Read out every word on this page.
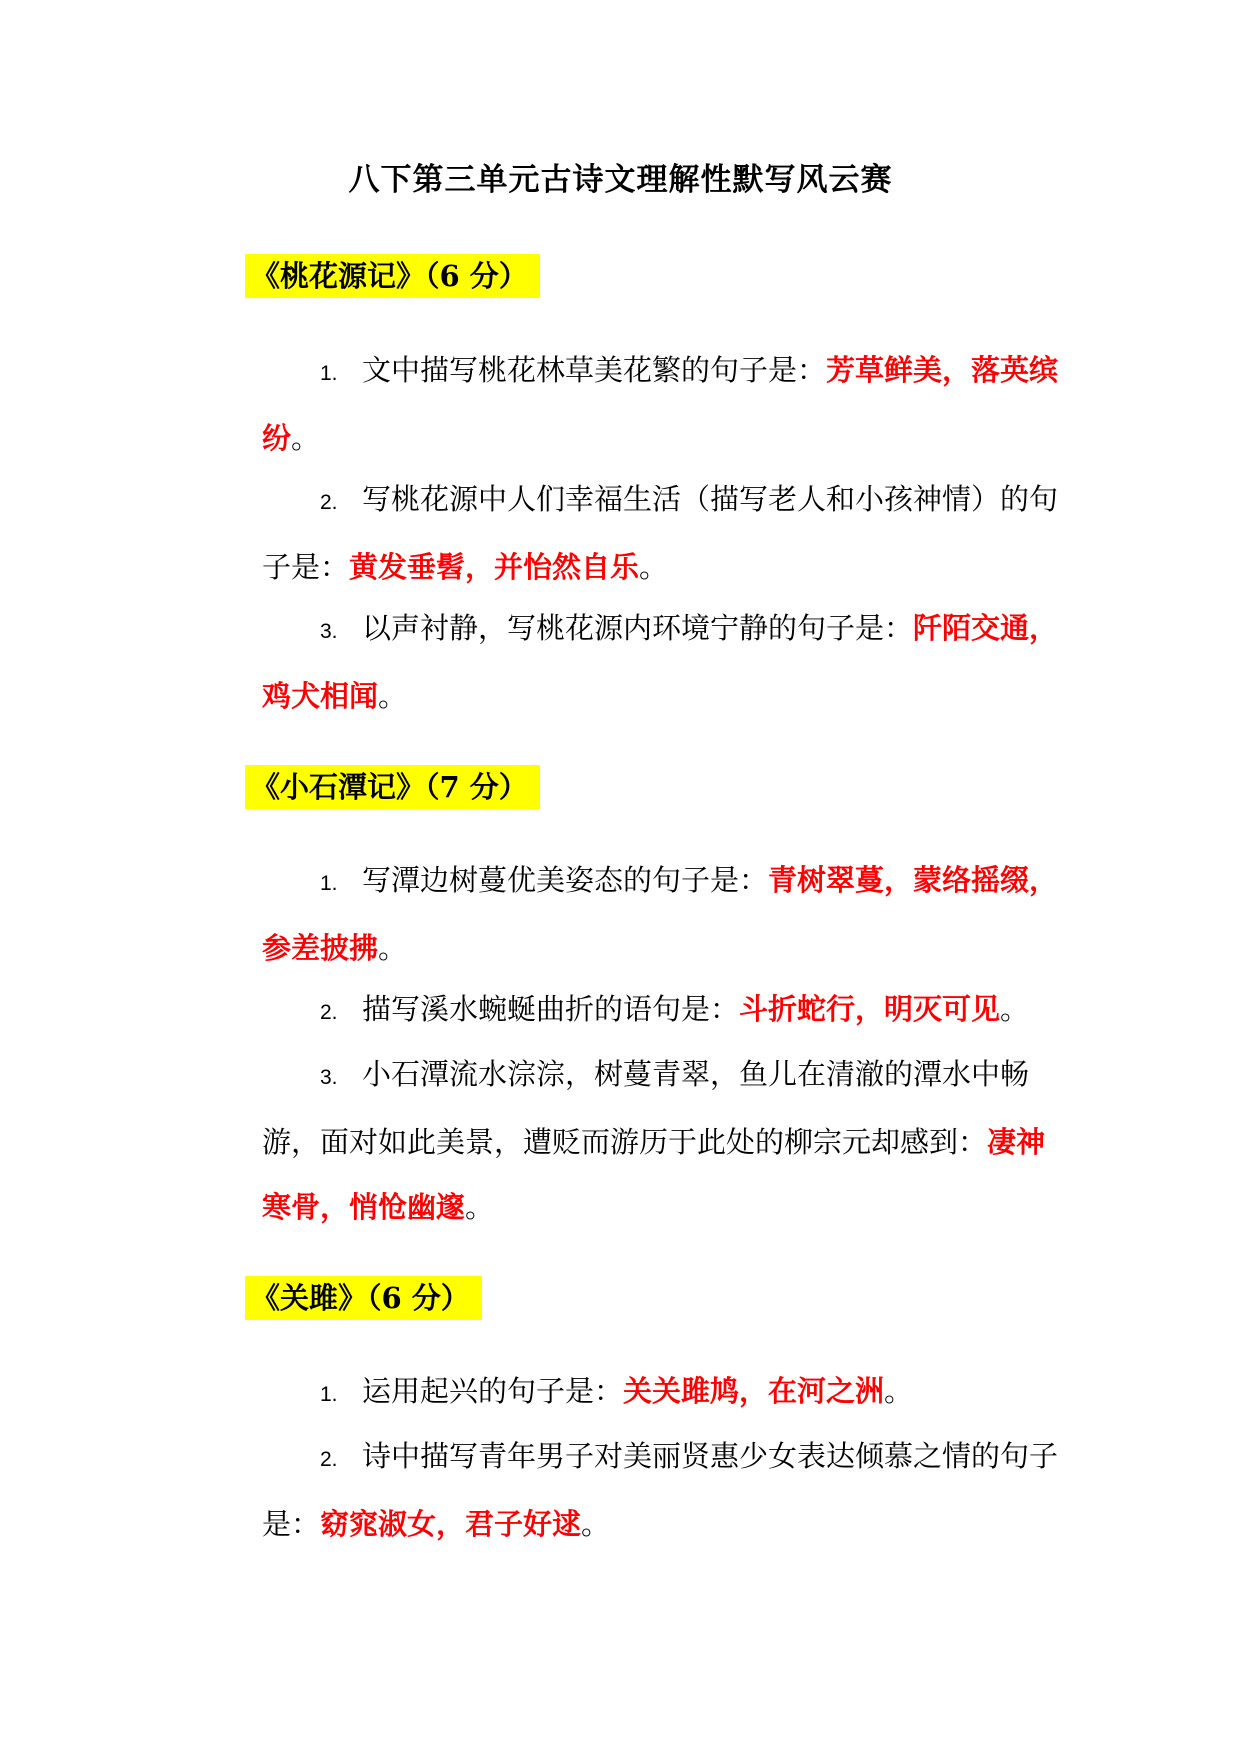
八下第三单元古诗文理解性默写风云赛
《桃花源记》（6 分）
1. 文中描写桃花林草美花繁的句子是：芳草鲜美，落英缤纷。
2. 写桃花源中人们幸福生活（描写老人和小孩神情）的句子是：黄发垂髫，并怡然自乐。
3. 以声衬静，写桃花源内环境宁静的句子是：阡陌交通，鸡犬相闻。
《小石潭记》（7 分）
1. 写潭边树蔓优美姿态的句子是：青树翠蔓，蒙络摇缀，参差披拂。
2. 描写溪水蜿蜒曲折的语句是：斗折蛇行，明灭可见。
3. 小石潭流水淙淙，树蔓青翠，鱼儿在清澈的潭水中畅游，面对如此美景，遭贬而游历于此处的柳宗元却感到：凄神寒骨，悄怆幽邃。
《关雎》（6 分）
1. 运用起兴的句子是：关关雎鸠，在河之洲。
2. 诗中描写青年男子对美丽贤惠少女表达倾慕之情的句子是：窈窕淑女，君子好逑。
